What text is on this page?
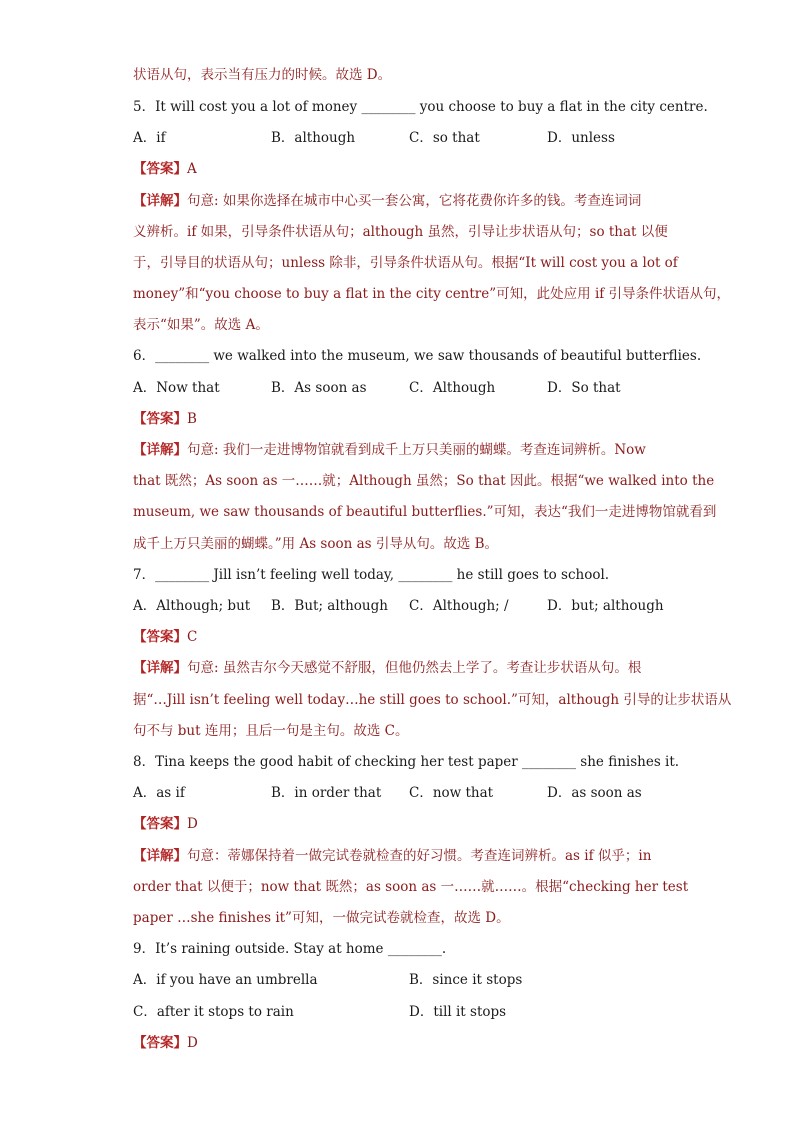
状语从句，表示当有压力的时候。故选 D。
5．It will cost you a lot of money ________ you choose to buy a flat in the city centre.
A．if	B．although	C．so that	D．unless
【答案】A
【详解】句意: 如果你选择在城市中心买一套公寓，它将花费你许多的钱。考查连词词
义辨析。if 如果，引导条件状语从句；although 虽然，引导让步状语从句；so that 以便
于，引导目的状语从句；unless 除非，引导条件状语从句。根据“It will cost you a lot of
money”和“you choose to buy a flat in the city centre”可知，此处应用 if 引导条件状语从句，
表示“如果”。故选 A。
6．________ we walked into the museum, we saw thousands of beautiful butterflies.
A．Now that	B．As soon as	C．Although	D．So that
【答案】B
【详解】句意: 我们一走进博物馆就看到成千上万只美丽的蝴蝶。考查连词辨析。Now
that 既然；As soon as 一……就；Although 虽然；So that 因此。根据“we walked into the
museum, we saw thousands of beautiful butterflies.”可知，表达“我们一走进博物馆就看到
成千上万只美丽的蝴蝶。”用 As soon as 引导从句。故选 B。
7．________ Jill isn’t feeling well today, ________ he still goes to school.
A．Although; but B．But; although C．Although; /	D．but; although
【答案】C
【详解】句意: 虽然吉尔今天感觉不舒服，但他仍然去上学了。考查让步状语从句。根
据“…Jill isn’t feeling well today…he still goes to school.”可知，although 引导的让步状语从
句不与 but 连用；且后一句是主句。故选 C。
8．Tina keeps the good habit of checking her test paper ________ she finishes it.
A．as if	B．in order that C．now that	D．as soon as
【答案】D
【详解】句意：蒂娜保持着一做完试卷就检查的好习惯。考查连词辨析。as if 似乎；in
order that 以便于；now that 既然；as soon as 一……就……。根据“checking her test
paper …she finishes it”可知，一做完试卷就检查，故选 D。
9．It’s raining outside. Stay at home ________.
A．if you have an umbrella	B．since it stops
C．after it stops to rain	D．till it stops
【答案】D
